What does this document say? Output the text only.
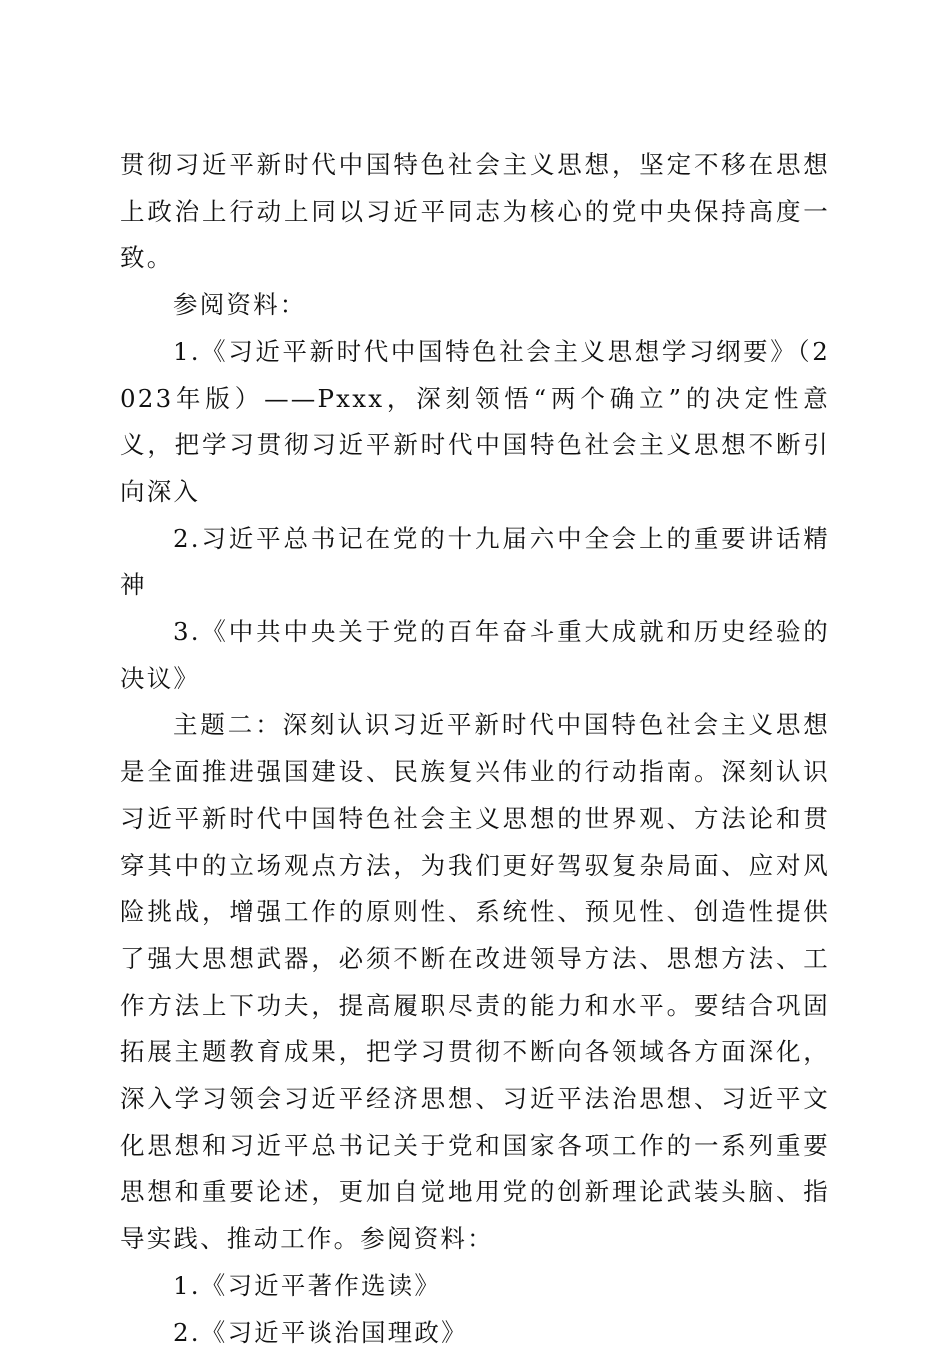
贯彻习近平新时代中国特色社会主义思想，坚定不移在思想上政治上行动上同以习近平同志为核心的党中央保持高度一致。

参阅资料：

1.《习近平新时代中国特色社会主义思想学习纲要》（2023年版）——Pxxx，深刻领悟“两个确立”的决定性意义，把学习贯彻习近平新时代中国特色社会主义思想不断引向深入

2.习近平总书记在党的十九届六中全会上的重要讲话精神

3.《中共中央关于党的百年奋斗重大成就和历史经验的决议》

主题二：深刻认识习近平新时代中国特色社会主义思想是全面推进强国建设、民族复兴伟业的行动指南。深刻认识习近平新时代中国特色社会主义思想的世界观、方法论和贯穿其中的立场观点方法，为我们更好驾驭复杂局面、应对风险挑战，增强工作的原则性、系统性、预见性、创造性提供了强大思想武器，必须不断在改进领导方法、思想方法、工作方法上下功夫，提高履职尽责的能力和水平。要结合巩固拓展主题教育成果，把学习贯彻不断向各领域各方面深化，深入学习领会习近平经济思想、习近平法治思想、习近平文化思想和习近平总书记关于党和国家各项工作的一系列重要思想和重要论述，更加自觉地用党的创新理论武装头脑、指导实践、推动工作。参阅资料：

1.《习近平著作选读》

2.《习近平谈治国理政》
